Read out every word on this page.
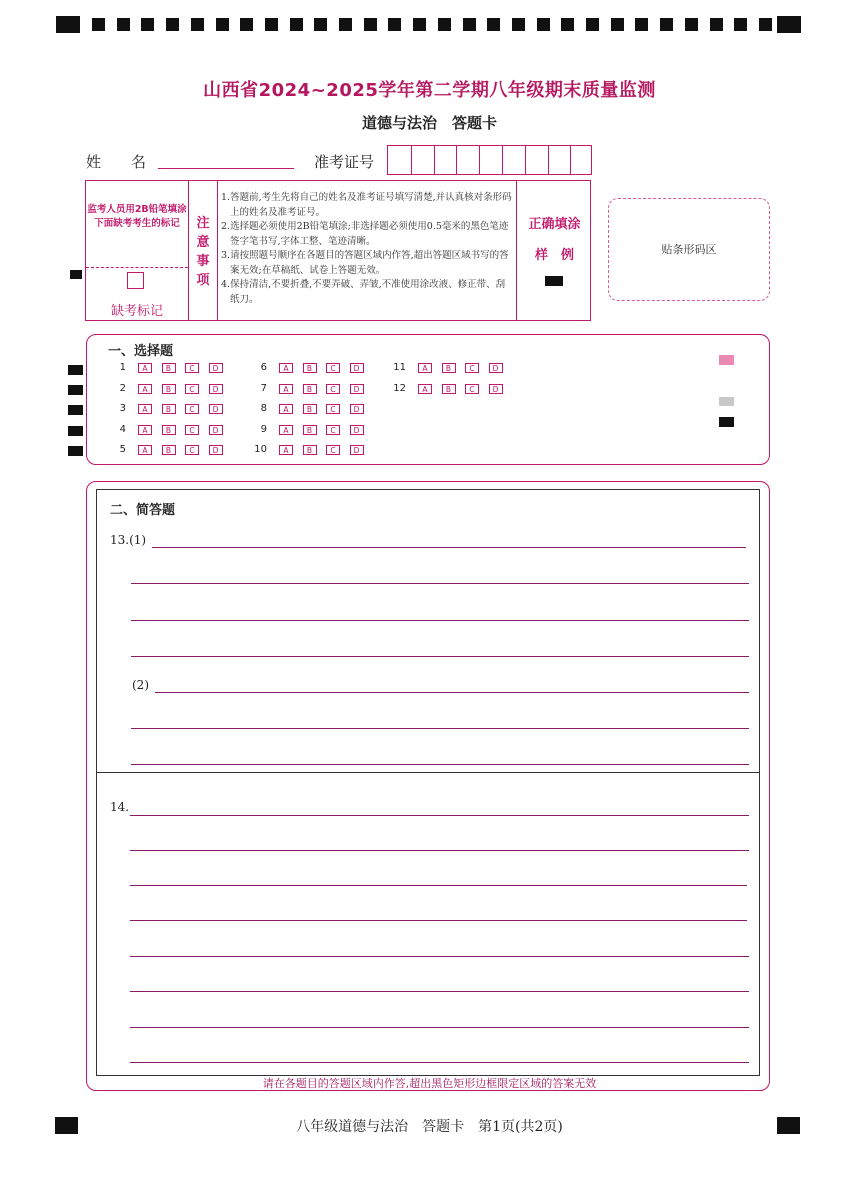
山西省2024~2025学年第二学期八年级期末质量监测
道德与法治　答题卡
姓　　名	准考证号
监考人员用2B铅笔填涂下面缺考考生的标记
缺考标记
注意事项
1.答题前,考生先将自己的姓名及准考证号填写清楚,并认真核对条形码上的姓名及准考证号。
2.选择题必须使用2B铅笔填涂;非选择题必须使用0.5毫米的黑色笔迹签字笔书写,字体工整、笔迹清晰。
3.请按照题号顺序在各题目的答题区域内作答,超出答题区域书写的答案无效;在草稿纸、试卷上答题无效。
4.保持清洁,不要折叠,不要弄破、弄皱,不准使用涂改液、修正带、刮纸刀。
正确填涂
样　例	贴条形码区
一、选择题
1	A	B	C	D
2	A	B	C	D
3	A	B	C	D
4	A	B	C	D
5	A	B	C	D
6	A	B	C	D
7	A	B	C	D
8	A	B	C	D
9	A	B	C	D
10	A	B	C	D
11	A	B	C	D
12	A	B	C	D
二、简答题
13.(1)
(2)
14.
请在各题目的答题区域内作答,超出黑色矩形边框限定区域的答案无效
八年级道德与法治　答题卡　第1页(共2页)
